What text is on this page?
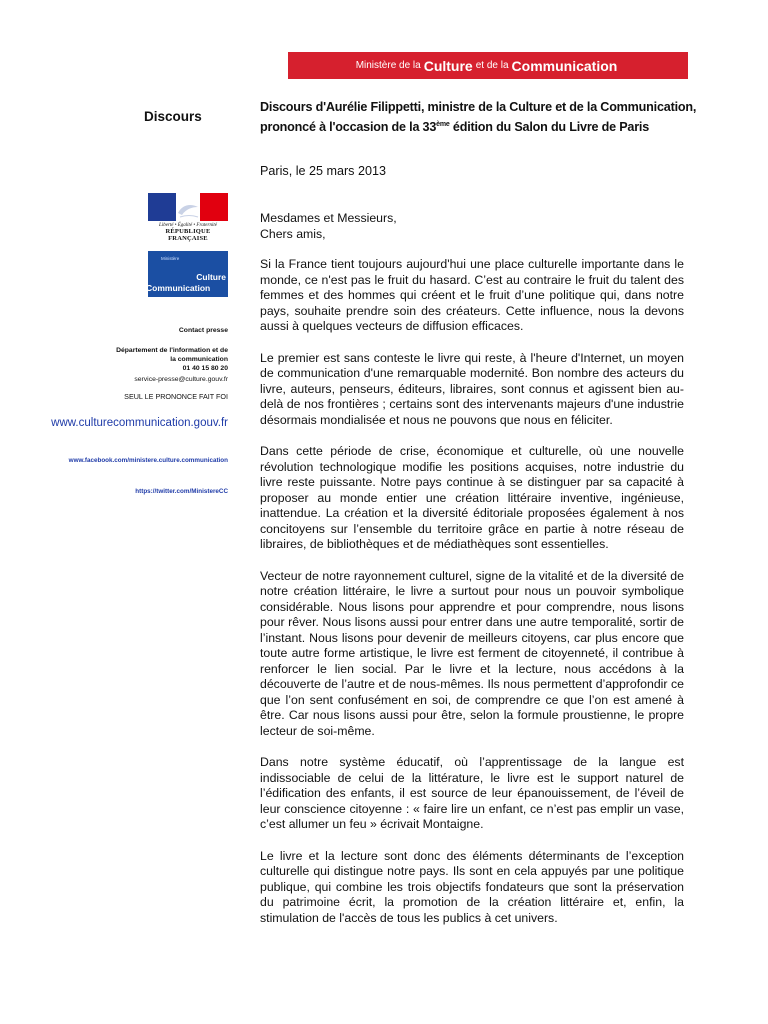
Ministère de la Culture et de la Communication
Discours
Discours d'Aurélie Filippetti, ministre de la Culture et de la Communication,
prononcé à l'occasion de la 33ème édition du Salon du Livre de Paris
Paris, le 25 mars 2013
Liberté • Égalité • Fraternité
RÉPUBLIQUE FRANÇAISE
Ministère
Culture
Communication
Contact presse
Département de l'information et de
la communication
01 40 15 80 20
service-presse@culture.gouv.fr
SEUL LE PRONONCE FAIT FOI
www.culturecommunication.gouv.fr
www.facebook.com/ministere.culture.communication
https://twitter.com/MinistereCC

Mesdames et Messieurs,
Chers amis,

Si la France tient toujours aujourd'hui une place culturelle importante dans le monde, ce n'est pas le fruit du hasard. C’est au contraire le fruit du talent des femmes et des hommes qui créent et le fruit d’une politique qui, dans notre pays, souhaite prendre soin des créateurs. Cette influence, nous la devons aussi à quelques vecteurs de diffusion efficaces.

Le premier est sans conteste le livre qui reste, à l'heure d'Internet, un moyen de communication d'une remarquable modernité. Bon nombre des acteurs du livre, auteurs, penseurs, éditeurs, libraires, sont connus et agissent bien au-delà de nos frontières ; certains sont des intervenants majeurs d'une industrie désormais mondialisée et nous ne pouvons que nous en féliciter.

Dans cette période de crise, économique et culturelle, où une nouvelle révolution technologique modifie les positions acquises, notre industrie du livre reste puissante. Notre pays continue à se distinguer par sa capacité à proposer au monde entier une création littéraire inventive, ingénieuse, inattendue. La création et la diversité éditoriale proposées également à nos concitoyens sur l’ensemble du territoire grâce en partie à notre réseau de libraires, de bibliothèques et de médiathèques sont essentielles.

Vecteur de notre rayonnement culturel, signe de la vitalité et de la diversité de notre création littéraire, le livre a surtout pour nous un pouvoir symbolique considérable. Nous lisons pour apprendre et pour comprendre, nous lisons pour rêver. Nous lisons aussi pour entrer dans une autre temporalité, sortir de l’instant. Nous lisons pour devenir de meilleurs citoyens, car plus encore que toute autre forme artistique, le livre est ferment de citoyenneté, il contribue à renforcer le lien social. Par le livre et la lecture, nous accédons à la découverte de l’autre et de nous-mêmes. Ils nous permettent d’approfondir ce que l’on sent confusément en soi, de comprendre ce que l’on est amené à être. Car nous lisons aussi pour être, selon la formule proustienne, le propre lecteur de soi-même.

Dans notre système éducatif, où l’apprentissage de la langue est indissociable de celui de la littérature, le livre est le support naturel de l’édification des enfants, il est source de leur épanouissement, de l’éveil de leur conscience citoyenne : « faire lire un enfant, ce n’est pas emplir un vase, c’est allumer un feu » écrivait Montaigne.

Le livre et la lecture sont donc des éléments déterminants de l’exception culturelle qui distingue notre pays. Ils sont en cela appuyés par une politique publique, qui combine les trois objectifs fondateurs que sont la préservation du patrimoine écrit, la promotion de la création littéraire et, enfin, la stimulation de l'accès de tous les publics à cet univers.
